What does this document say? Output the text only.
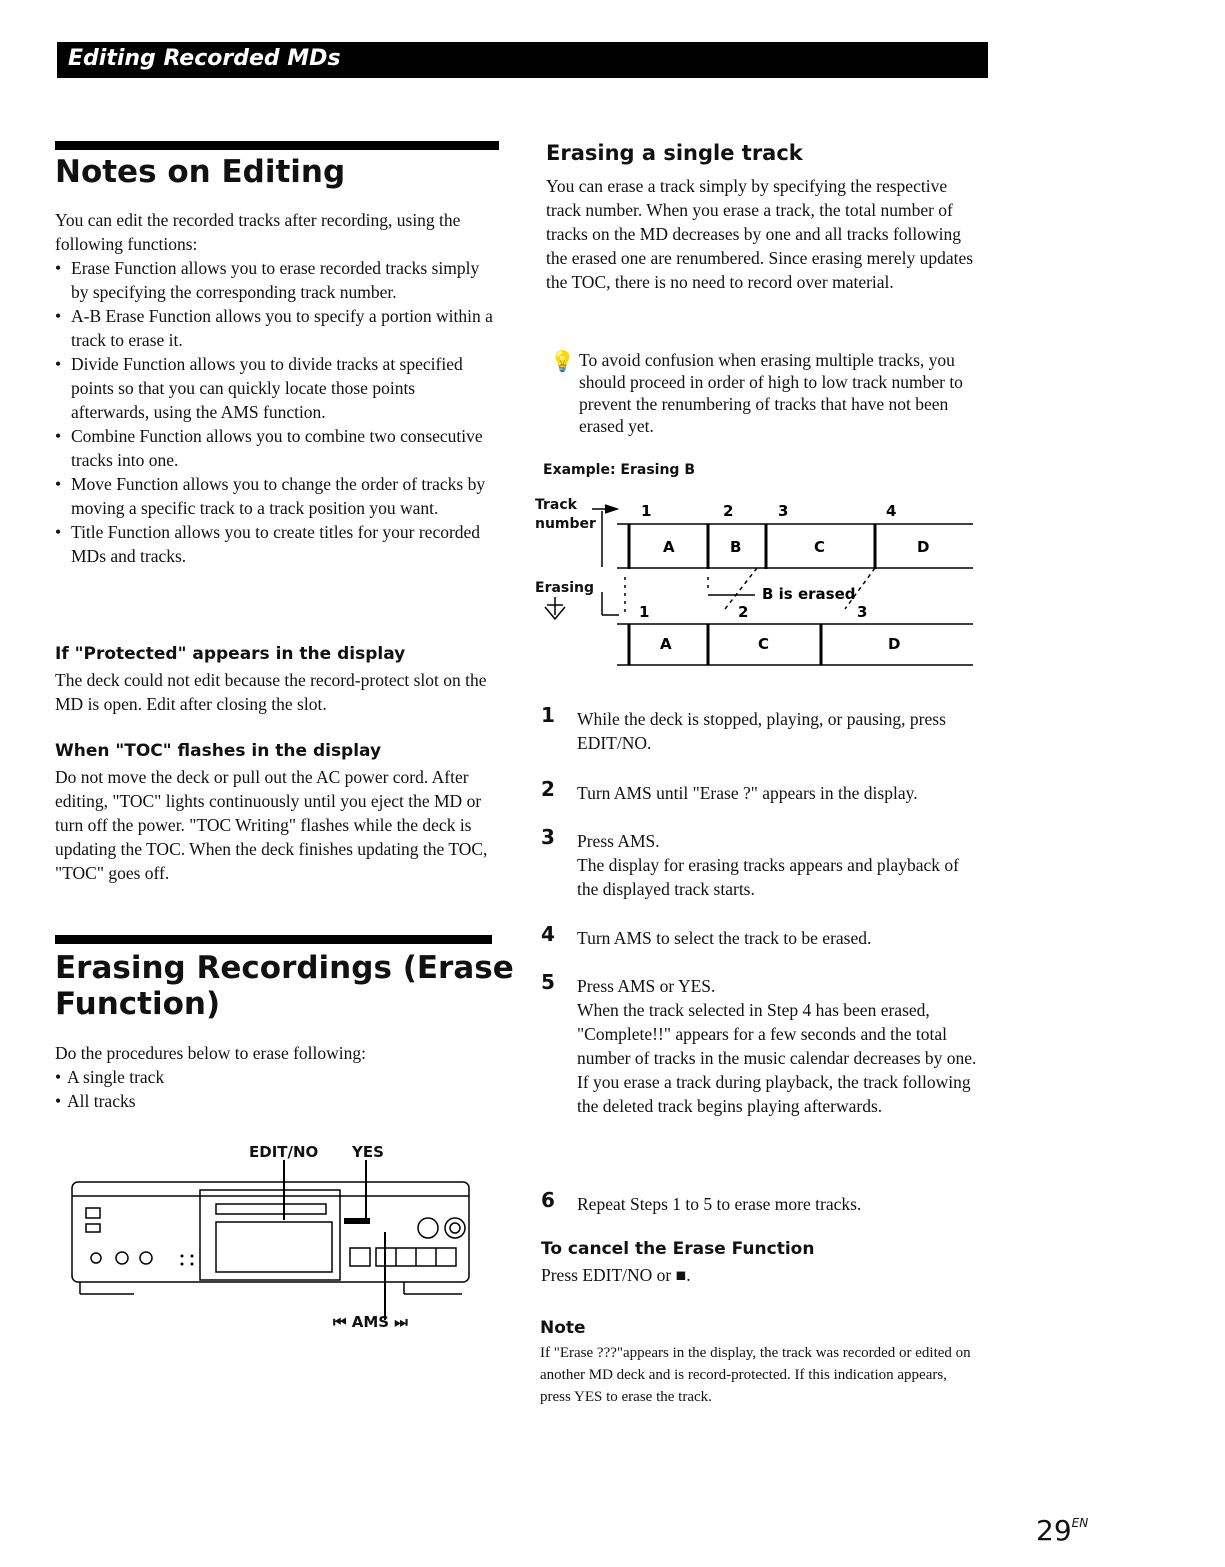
Editing Recorded MDs
Notes on Editing
You can edit the recorded tracks after recording, using the following functions:
• Erase Function allows you to erase recorded tracks simply by specifying the corresponding track number.
• A-B Erase Function allows you to specify a portion within a track to erase it.
• Divide Function allows you to divide tracks at specified points so that you can quickly locate those points afterwards, using the AMS function.
• Combine Function allows you to combine two consecutive tracks into one.
• Move Function allows you to change the order of tracks by moving a specific track to a track position you want.
• Title Function allows you to create titles for your recorded MDs and tracks.
If "Protected" appears in the display
The deck could not edit because the record-protect slot on the MD is open. Edit after closing the slot.
When "TOC" flashes in the display
Do not move the deck or pull out the AC power cord. After editing, "TOC" lights continuously until you eject the MD or turn off the power. "TOC Writing" flashes while the deck is updating the TOC. When the deck finishes updating the TOC, "TOC" goes off.
Erasing Recordings (Erase
Function)
Do the procedures below to erase following:
• A single track
• All tracks
EDIT/NO YES
⏮ AMS ⏭
Erasing a single track
You can erase a track simply by specifying the respective track number. When you erase a track, the total number of tracks on the MD decreases by one and all tracks following the erased one are renumbered. Since erasing merely updates the TOC, there is no need to record over material.
💡 To avoid confusion when erasing multiple tracks, you should proceed in order of high to low track number to prevent the renumbering of tracks that have not been erased yet.
Example: Erasing B
Track
number
Erasing
1	2	3	4
A	B	C	D
B is erased
1	2	3
A	C	D
1 While the deck is stopped, playing, or pausing, press EDIT/NO.
2 Turn AMS until "Erase ?" appears in the display.
3 Press AMS.
The display for erasing tracks appears and playback of the displayed track starts.
4 Turn AMS to select the track to be erased.
5 Press AMS or YES.
When the track selected in Step 4 has been erased, "Complete!!" appears for a few seconds and the total number of tracks in the music calendar decreases by one.
If you erase a track during playback, the track following the deleted track begins playing afterwards.
6 Repeat Steps 1 to 5 to erase more tracks.
To cancel the Erase Function
Press EDIT/NO or ■.
Note
If "Erase ???"appears in the display, the track was recorded or edited on another MD deck and is record-protected. If this indication appears, press YES to erase the track.
$29^{EN}$
